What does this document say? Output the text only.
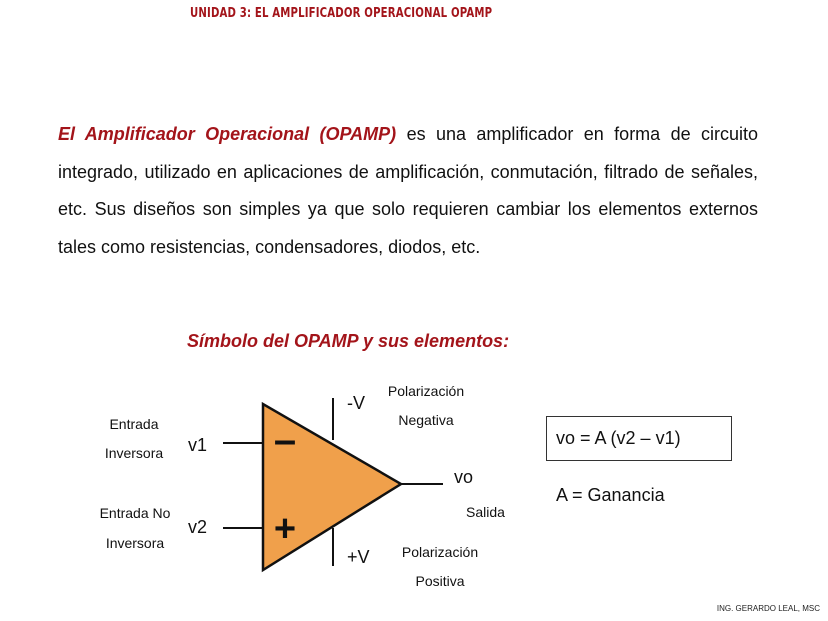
UNIDAD 3: EL AMPLIFICADOR OPERACIONAL OPAMP
El Amplificador Operacional (OPAMP) es una amplificador en forma de circuito integrado, utilizado en aplicaciones de amplificación, conmutación, filtrado de señales, etc. Sus diseños son simples ya que solo requieren cambiar los elementos externos tales como resistencias, condensadores, diodos, etc.
Símbolo del OPAMP y sus elementos:
–
+
Entrada
Inversora
Entrada No
Inversora
v1
v2
-V
+V
Polarización
Negativa
Polarización
Positiva
vo
Salida
vo = A (v2 – v1)
A = Ganancia
ING. GERARDO LEAL, MSC
